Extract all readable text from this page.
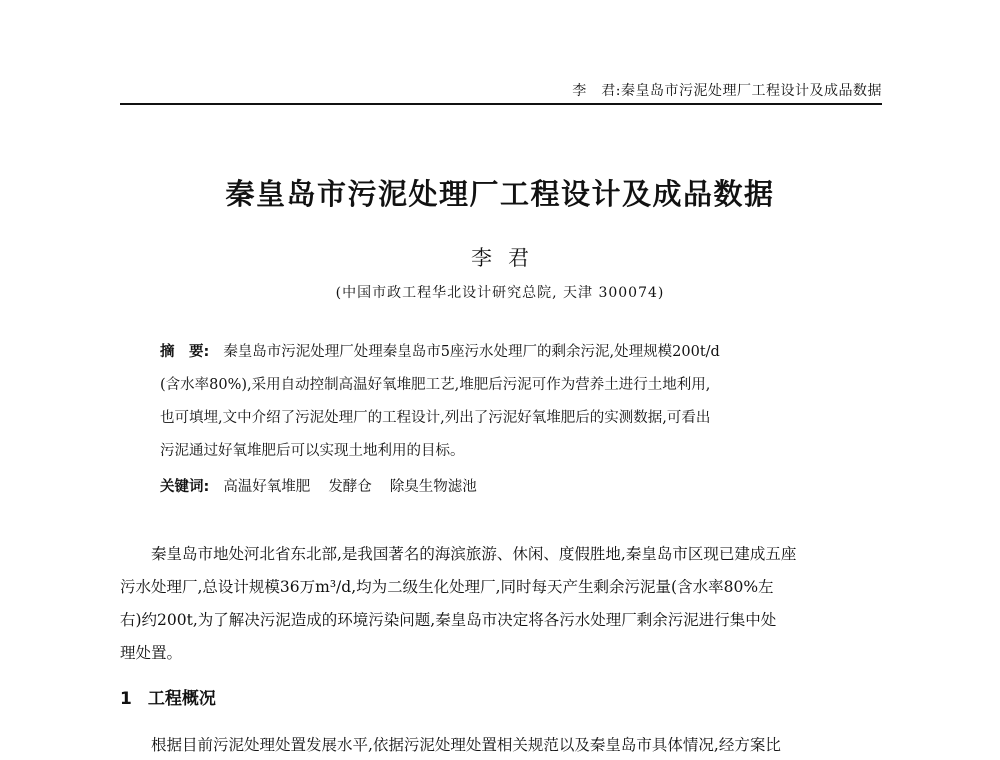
李　君:秦皇岛市污泥处理厂工程设计及成品数据
秦皇岛市污泥处理厂工程设计及成品数据
李君
(中国市政工程华北设计研究总院, 天津 300074)
摘　要: 秦皇岛市污泥处理厂处理秦皇岛市5座污水处理厂的剩余污泥,处理规模200t/d
(含水率80%),采用自动控制高温好氧堆肥工艺,堆肥后污泥可作为营养土进行土地利用,
也可填埋,文中介绍了污泥处理厂的工程设计,列出了污泥好氧堆肥后的实测数据,可看出
污泥通过好氧堆肥后可以实现土地利用的目标。
关键词: 高温好氧堆肥 发酵仓 除臭生物滤池
秦皇岛市地处河北省东北部,是我国著名的海滨旅游、休闲、度假胜地,秦皇岛市区现已建成五座
污水处理厂,总设计规模36万m³/d,均为二级生化处理厂,同时每天产生剩余污泥量(含水率80%左
右)约200t,为了解决污泥造成的环境污染问题,秦皇岛市决定将各污水处理厂剩余污泥进行集中处
理处置。
1 工程概况
根据目前污泥处理处置发展水平,依据污泥处理处置相关规范以及秦皇岛市具体情况,经方案比
